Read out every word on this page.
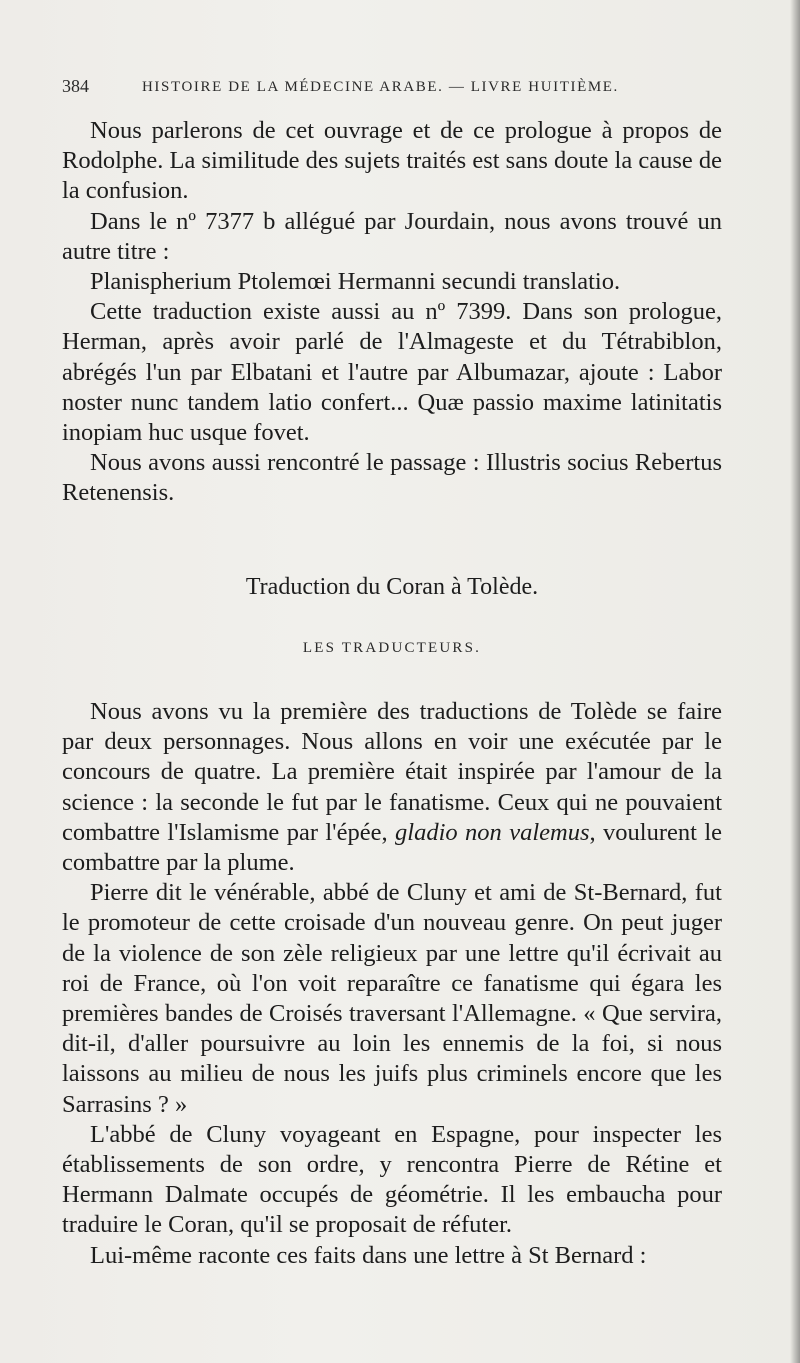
384	HISTOIRE DE LA MÉDECINE ARABE. — LIVRE HUITIÈME.

Nous parlerons de cet ouvrage et de ce prologue à propos de Rodolphe. La similitude des sujets traités est sans doute la cause de la confusion.

Dans le nº 7377 b allégué par Jourdain, nous avons trouvé un autre titre :

Planispherium Ptolemœi Hermanni secundi translatio.

Cette traduction existe aussi au nº 7399. Dans son prologue, Herman, après avoir parlé de l'Almageste et du Tétrabiblon, abrégés l'un par Elbatani et l'autre par Albumazar, ajoute : Labor noster nunc tandem latio confert... Quæ passio maxime latinitatis inopiam huc usque fovet.

Nous avons aussi rencontré le passage : Illustris socius Rebertus Retenensis.

Traduction du Coran à Tolède.
LES TRADUCTEURS.

Nous avons vu la première des traductions de Tolède se faire par deux personnages. Nous allons en voir une exécutée par le concours de quatre. La première était inspirée par l'amour de la science : la seconde le fut par le fanatisme. Ceux qui ne pouvaient combattre l'Islamisme par l'épée, gladio non valemus, voulurent le combattre par la plume.

Pierre dit le vénérable, abbé de Cluny et ami de St-Bernard, fut le promoteur de cette croisade d'un nouveau genre. On peut juger de la violence de son zèle religieux par une lettre qu'il écrivait au roi de France, où l'on voit reparaître ce fanatisme qui égara les premières bandes de Croisés traversant l'Allemagne. « Que servira, dit-il, d'aller poursuivre au loin les ennemis de la foi, si nous laissons au milieu de nous les juifs plus criminels encore que les Sarrasins ? »

L'abbé de Cluny voyageant en Espagne, pour inspecter les établissements de son ordre, y rencontra Pierre de Rétine et Hermann Dalmate occupés de géométrie. Il les embaucha pour traduire le Coran, qu'il se proposait de réfuter.

Lui-même raconte ces faits dans une lettre à St Bernard :
